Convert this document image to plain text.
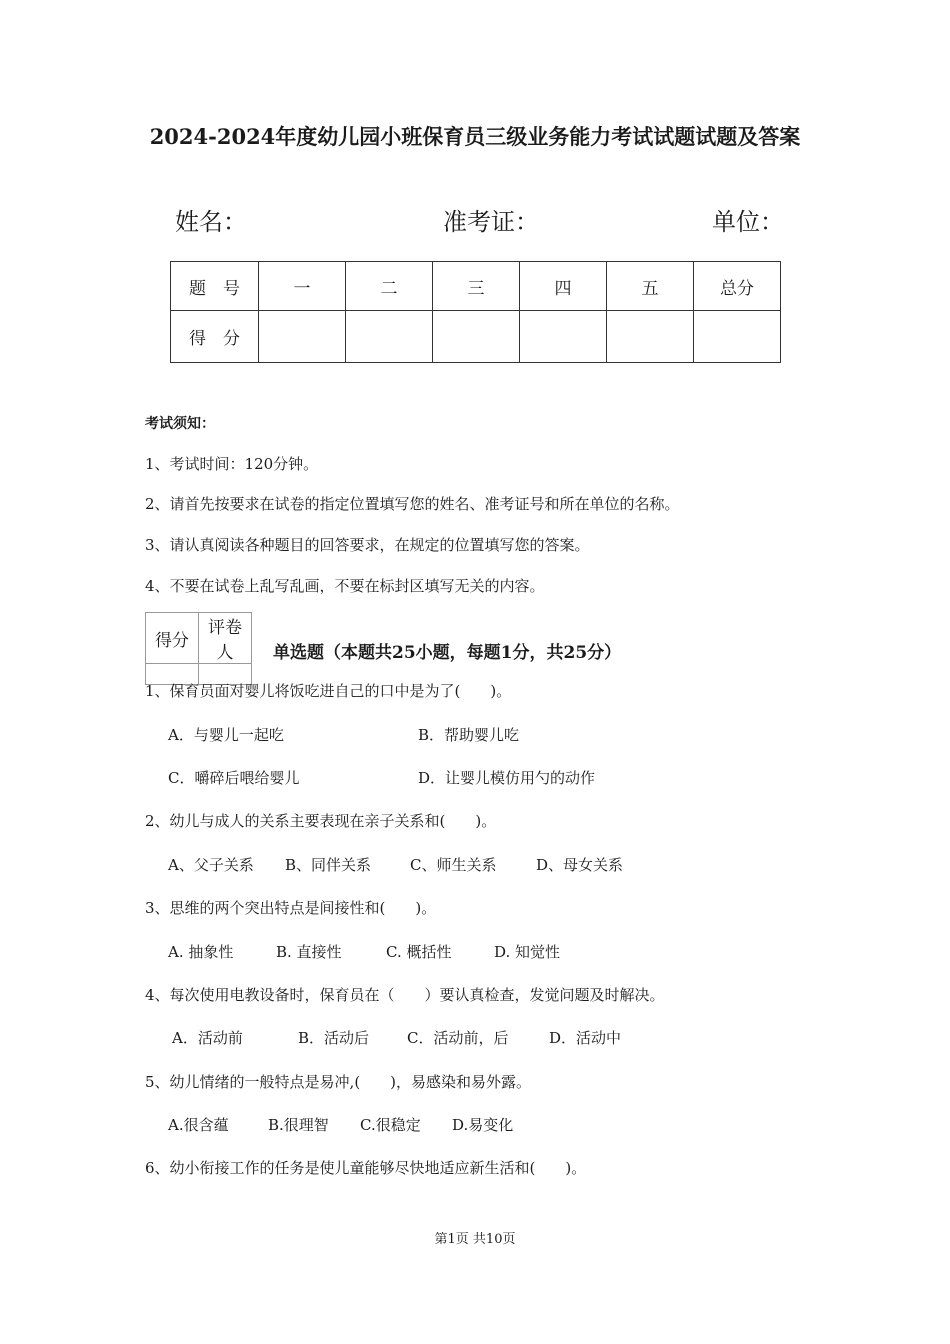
2024-2024年度幼儿园小班保育员三级业务能力考试试题试题及答案
姓名：	准考证：	单位：
题　号	一	二	三	四	五	总分
得　分						
考试须知：
1、考试时间：120分钟。
2、请首先按要求在试卷的指定位置填写您的姓名、准考证号和所在单位的名称。
3、请认真阅读各种题目的回答要求，在规定的位置填写您的答案。
4、不要在试卷上乱写乱画，不要在标封区填写无关的内容。
得分	评卷人
	单选题（本题共25小题，每题1分，共25分）
1、保育员面对婴儿将饭吃进自己的口中是为了(　　)。
A．与婴儿一起吃	B．帮助婴儿吃
C．嚼碎后喂给婴儿	D．让婴儿模仿用勺的动作
2、幼儿与成人的关系主要表现在亲子关系和(　　)。
A、父子关系 B、同伴关系	C、师生关系	D、母女关系
3、思维的两个突出特点是间接性和(　　)。
A. 抽象性	B. 直接性	C. 概括性	D. 知觉性
4、每次使用电教设备时，保育员在（　　）要认真检查，发觉问题及时解决。
A．活动前	B．活动后	C．活动前，后	D．活动中
5、幼儿情绪的一般特点是易冲,(　　)，易感染和易外露。
A.很含蕴	B.很理智 C.很稳定 D.易变化
6、幼小衔接工作的任务是使儿童能够尽快地适应新生活和(　　)。
第1页 共10页
